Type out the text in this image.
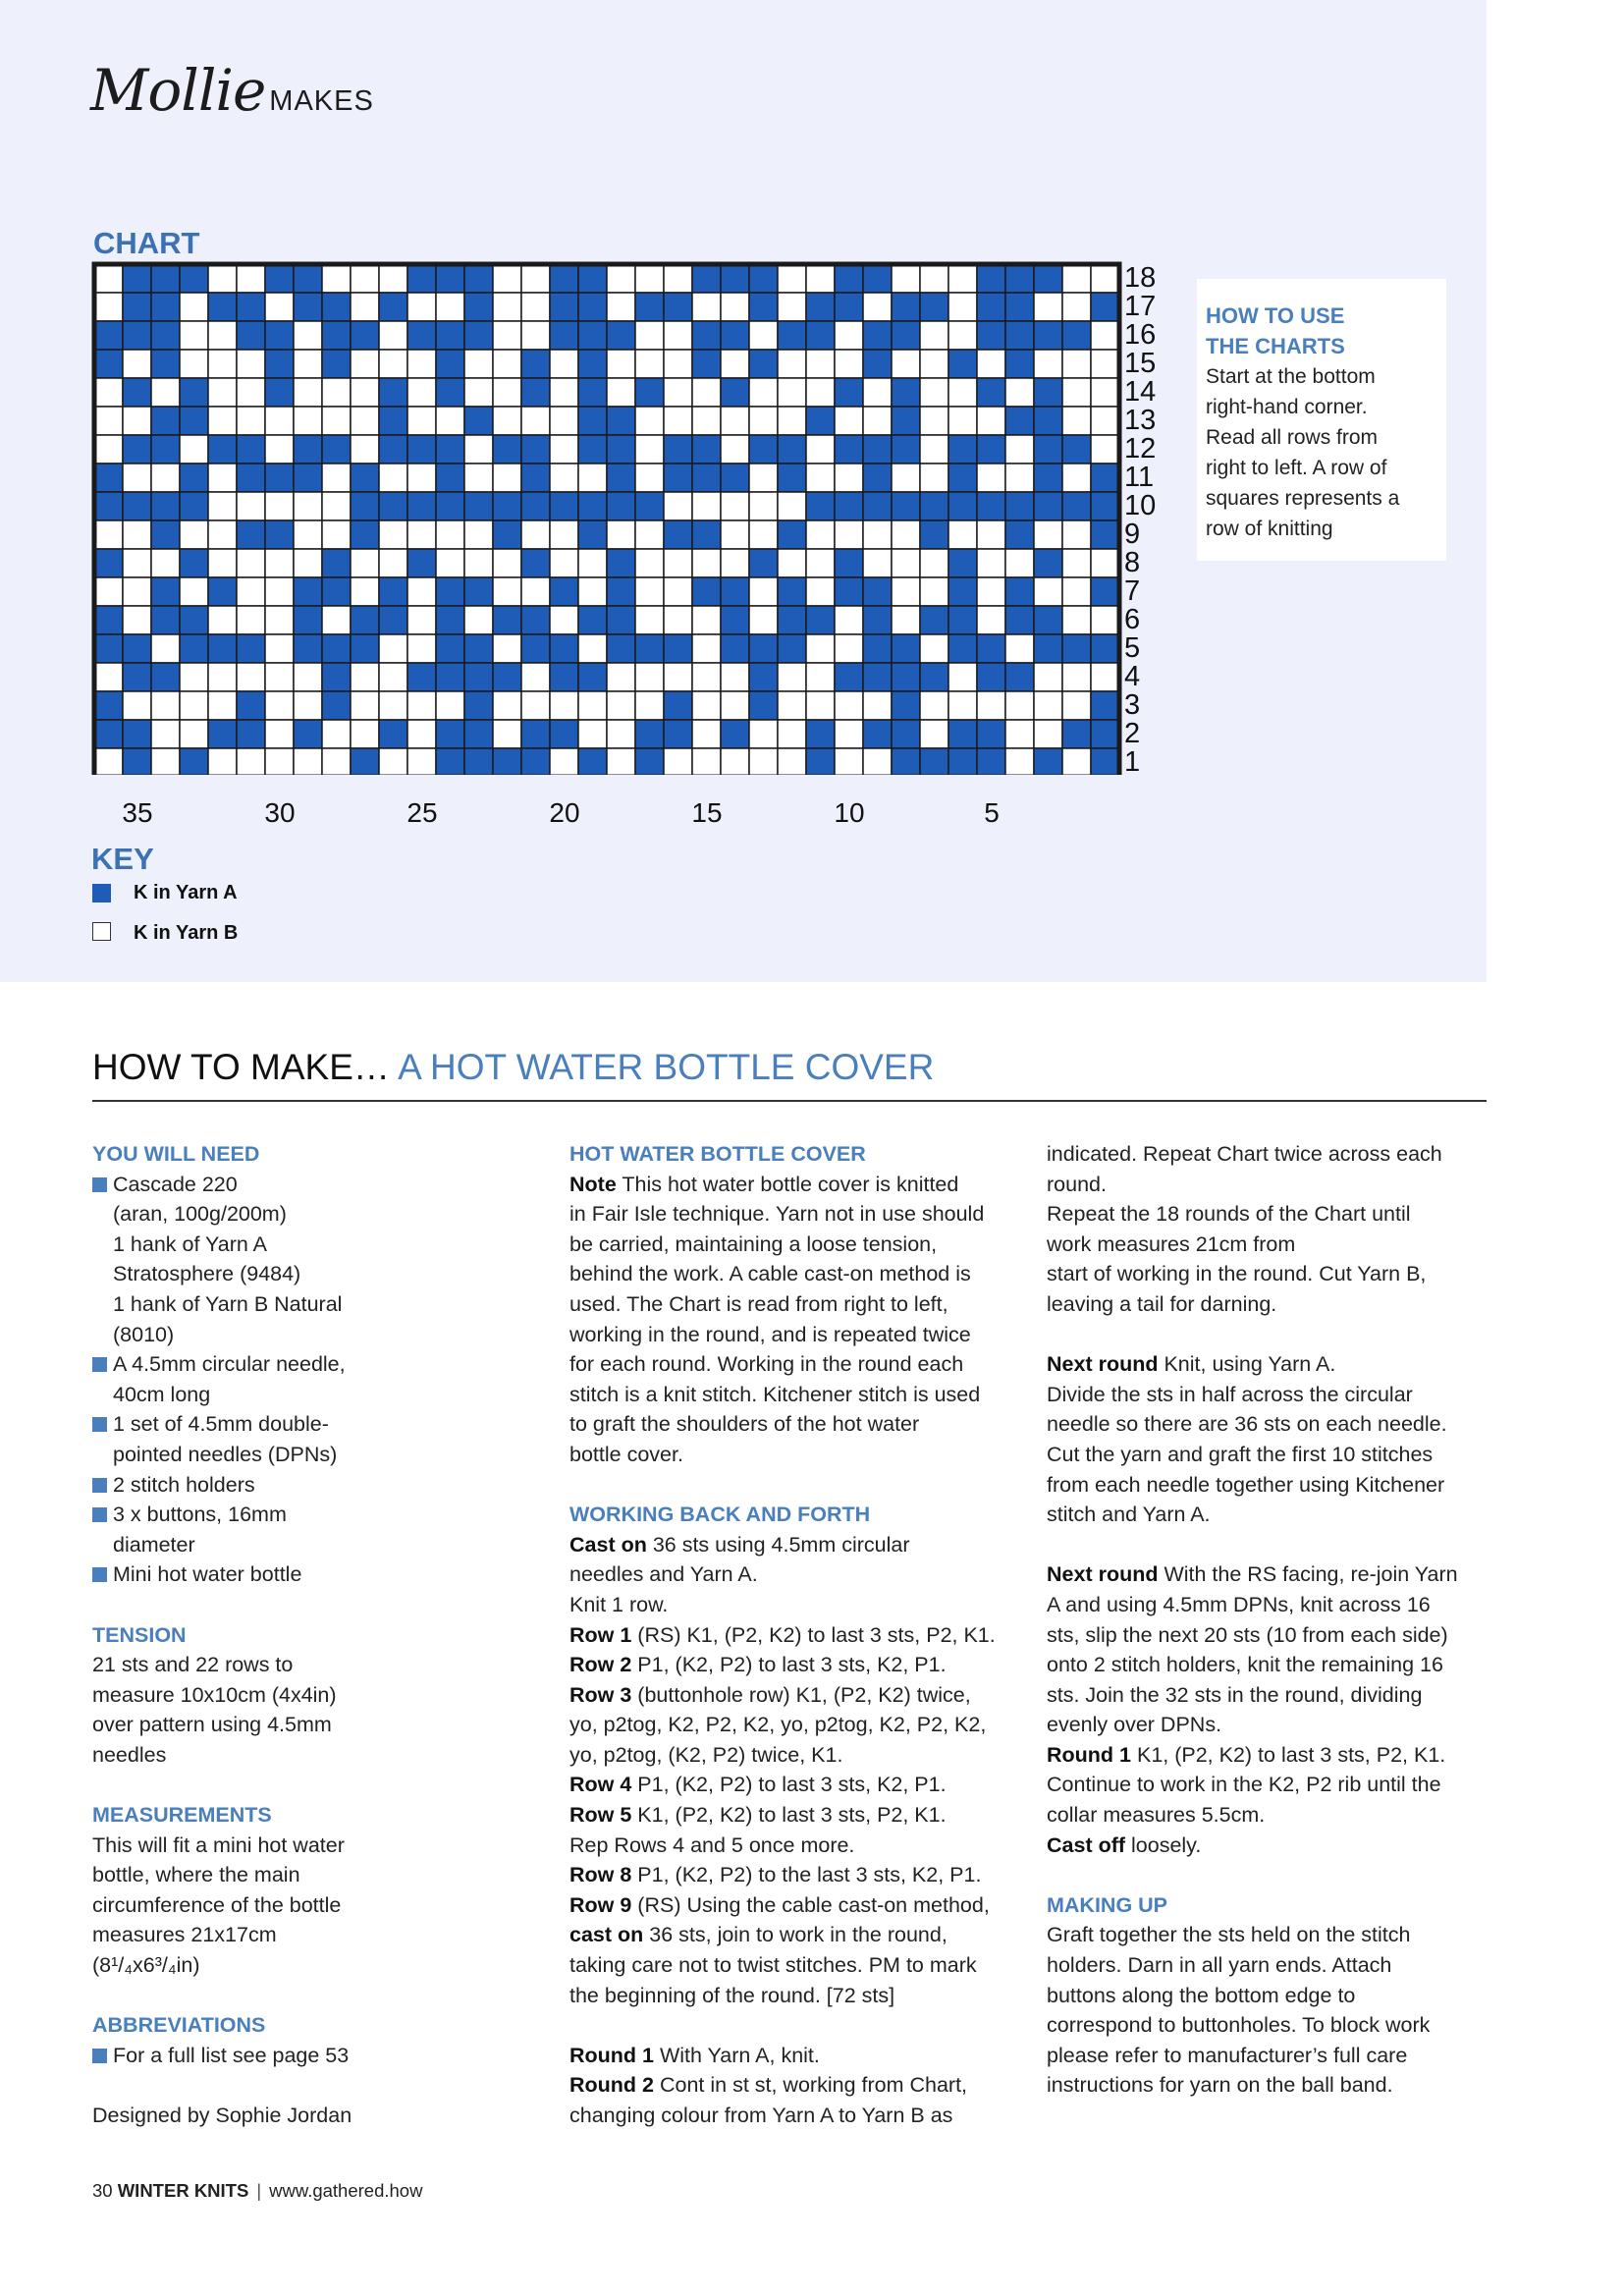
Mollie MAKES
CHART
18
17
16
15
14
13
12
11
10
9
8
7
6
5
4
3
2
1
35	30	25	20	15	10	5
KEY
K in Yarn A
K in Yarn B
HOW TO USE
THE CHARTS
Start at the bottom
right-hand corner.
Read all rows from
right to left. A row of
squares represents a
row of knitting
HOW TO MAKE… A HOT WATER BOTTLE COVER

YOU WILL NEED

Cascade 220

(aran, 100g/200m)

1 hank of Yarn A

Stratosphere (9484)

1 hank of Yarn B Natural

(8010)

A 4.5mm circular needle,

40cm long

1 set of 4.5mm double-

pointed needles (DPNs)

2 stitch holders

3 x buttons, 16mm

diameter

Mini hot water bottle

TENSION

21 sts and 22 rows to

measure 10x10cm (4x4in)

over pattern using 4.5mm

needles

MEASUREMENTS

This will fit a mini hot water

bottle, where the main

circumference of the bottle

measures 21x17cm

(8¹/₄x6³/₄in)

ABBREVIATIONS

For a full list see page 53

Designed by Sophie Jordan

HOT WATER BOTTLE COVER

Note This hot water bottle cover is knitted

in Fair Isle technique. Yarn not in use should

be carried, maintaining a loose tension,

behind the work. A cable cast-on method is

used. The Chart is read from right to left,

working in the round, and is repeated twice

for each round. Working in the round each

stitch is a knit stitch. Kitchener stitch is used

to graft the shoulders of the hot water

bottle cover.

WORKING BACK AND FORTH

Cast on 36 sts using 4.5mm circular

needles and Yarn A.

Knit 1 row.

Row 1 (RS) K1, (P2, K2) to last 3 sts, P2, K1.

Row 2 P1, (K2, P2) to last 3 sts, K2, P1.

Row 3 (buttonhole row) K1, (P2, K2) twice,

yo, p2tog, K2, P2, K2, yo, p2tog, K2, P2, K2,

yo, p2tog, (K2, P2) twice, K1.

Row 4 P1, (K2, P2) to last 3 sts, K2, P1.

Row 5 K1, (P2, K2) to last 3 sts, P2, K1.

Rep Rows 4 and 5 once more.

Row 8 P1, (K2, P2) to the last 3 sts, K2, P1.

Row 9 (RS) Using the cable cast-on method,

cast on 36 sts, join to work in the round,

taking care not to twist stitches. PM to mark

the beginning of the round. [72 sts]

Round 1 With Yarn A, knit.

Round 2 Cont in st st, working from Chart,

changing colour from Yarn A to Yarn B as

indicated. Repeat Chart twice across each

round.

Repeat the 18 rounds of the Chart until

work measures 21cm from

start of working in the round. Cut Yarn B,

leaving a tail for darning.

Next round Knit, using Yarn A.

Divide the sts in half across the circular

needle so there are 36 sts on each needle.

Cut the yarn and graft the first 10 stitches

from each needle together using Kitchener

stitch and Yarn A.

Next round With the RS facing, re-join Yarn

A and using 4.5mm DPNs, knit across 16

sts, slip the next 20 sts (10 from each side)

onto 2 stitch holders, knit the remaining 16

sts. Join the 32 sts in the round, dividing

evenly over DPNs.

Round 1 K1, (P2, K2) to last 3 sts, P2, K1.

Continue to work in the K2, P2 rib until the

collar measures 5.5cm.

Cast off loosely.

MAKING UP

Graft together the sts held on the stitch

holders. Darn in all yarn ends. Attach

buttons along the bottom edge to

correspond to buttonholes. To block work

please refer to manufacturer’s full care

instructions for yarn on the ball band.

30 WINTER KNITS | www.gathered.how
